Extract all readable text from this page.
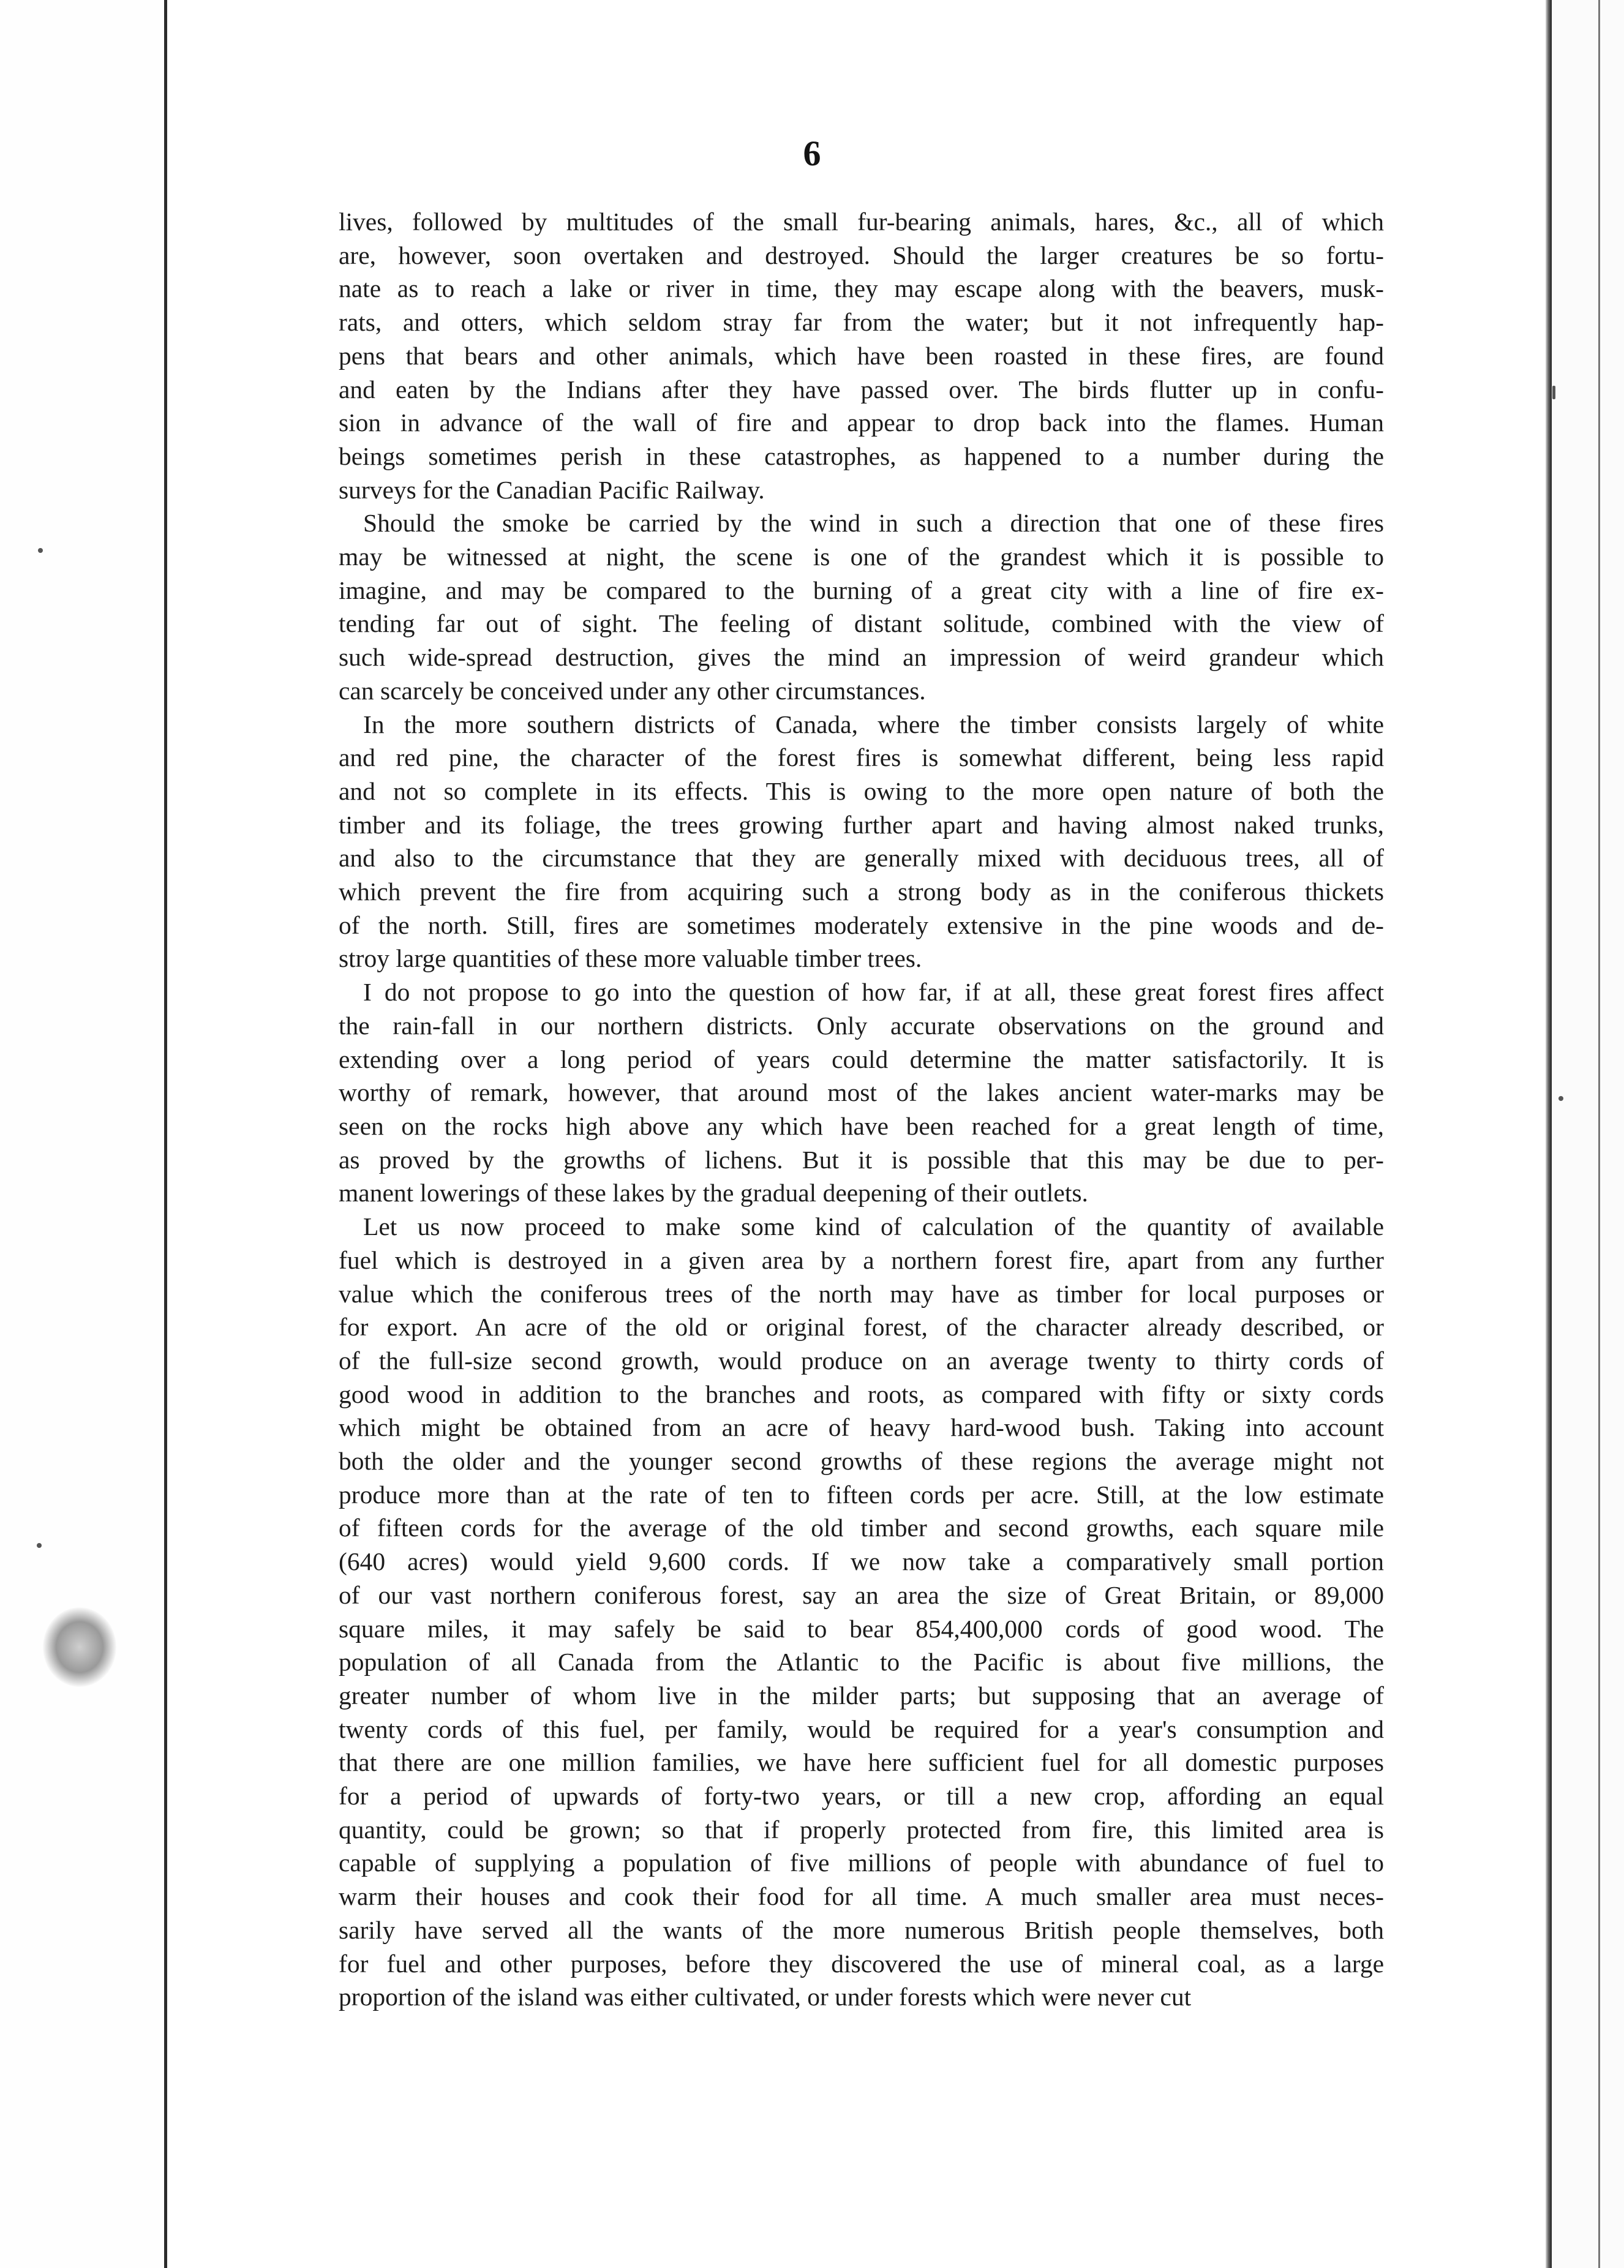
6
lives, followed by multitudes of the small fur-bearing animals, hares, &c., all of which
are, however, soon overtaken and destroyed. Should the larger creatures be so fortu-
nate as to reach a lake or river in time, they may escape along with the beavers, musk-
rats, and otters, which seldom stray far from the water; but it not infrequently hap-
pens that bears and other animals, which have been roasted in these fires, are found
and eaten by the Indians after they have passed over. The birds flutter up in confu-
sion in advance of the wall of fire and appear to drop back into the flames. Human
beings sometimes perish in these catastrophes, as happened to a number during the
surveys for the Canadian Pacific Railway.
Should the smoke be carried by the wind in such a direction that one of these fires
may be witnessed at night, the scene is one of the grandest which it is possible to
imagine, and may be compared to the burning of a great city with a line of fire ex-
tending far out of sight. The feeling of distant solitude, combined with the view of
such wide-spread destruction, gives the mind an impression of weird grandeur which
can scarcely be conceived under any other circumstances.
In the more southern districts of Canada, where the timber consists largely of white
and red pine, the character of the forest fires is somewhat different, being less rapid
and not so complete in its effects. This is owing to the more open nature of both the
timber and its foliage, the trees growing further apart and having almost naked trunks,
and also to the circumstance that they are generally mixed with deciduous trees, all of
which prevent the fire from acquiring such a strong body as in the coniferous thickets
of the north. Still, fires are sometimes moderately extensive in the pine woods and de-
stroy large quantities of these more valuable timber trees.
I do not propose to go into the question of how far, if at all, these great forest fires affect
the rain-fall in our northern districts. Only accurate observations on the ground and
extending over a long period of years could determine the matter satisfactorily. It is
worthy of remark, however, that around most of the lakes ancient water-marks may be
seen on the rocks high above any which have been reached for a great length of time,
as proved by the growths of lichens. But it is possible that this may be due to per-
manent lowerings of these lakes by the gradual deepening of their outlets.
Let us now proceed to make some kind of calculation of the quantity of available
fuel which is destroyed in a given area by a northern forest fire, apart from any further
value which the coniferous trees of the north may have as timber for local purposes or
for export. An acre of the old or original forest, of the character already described, or
of the full-size second growth, would produce on an average twenty to thirty cords of
good wood in addition to the branches and roots, as compared with fifty or sixty cords
which might be obtained from an acre of heavy hard-wood bush. Taking into account
both the older and the younger second growths of these regions the average might not
produce more than at the rate of ten to fifteen cords per acre. Still, at the low estimate
of fifteen cords for the average of the old timber and second growths, each square mile
(640 acres) would yield 9,600 cords. If we now take a comparatively small portion
of our vast northern coniferous forest, say an area the size of Great Britain, or 89,000
square miles, it may safely be said to bear 854,400,000 cords of good wood. The
population of all Canada from the Atlantic to the Pacific is about five millions, the
greater number of whom live in the milder parts; but supposing that an average of
twenty cords of this fuel, per family, would be required for a year's consumption and
that there are one million families, we have here sufficient fuel for all domestic purposes
for a period of upwards of forty-two years, or till a new crop, affording an equal
quantity, could be grown; so that if properly protected from fire, this limited area is
capable of supplying a population of five millions of people with abundance of fuel to
warm their houses and cook their food for all time. A much smaller area must neces-
sarily have served all the wants of the more numerous British people themselves, both
for fuel and other purposes, before they discovered the use of mineral coal, as a large
proportion of the island was either cultivated, or under forests which were never cut
